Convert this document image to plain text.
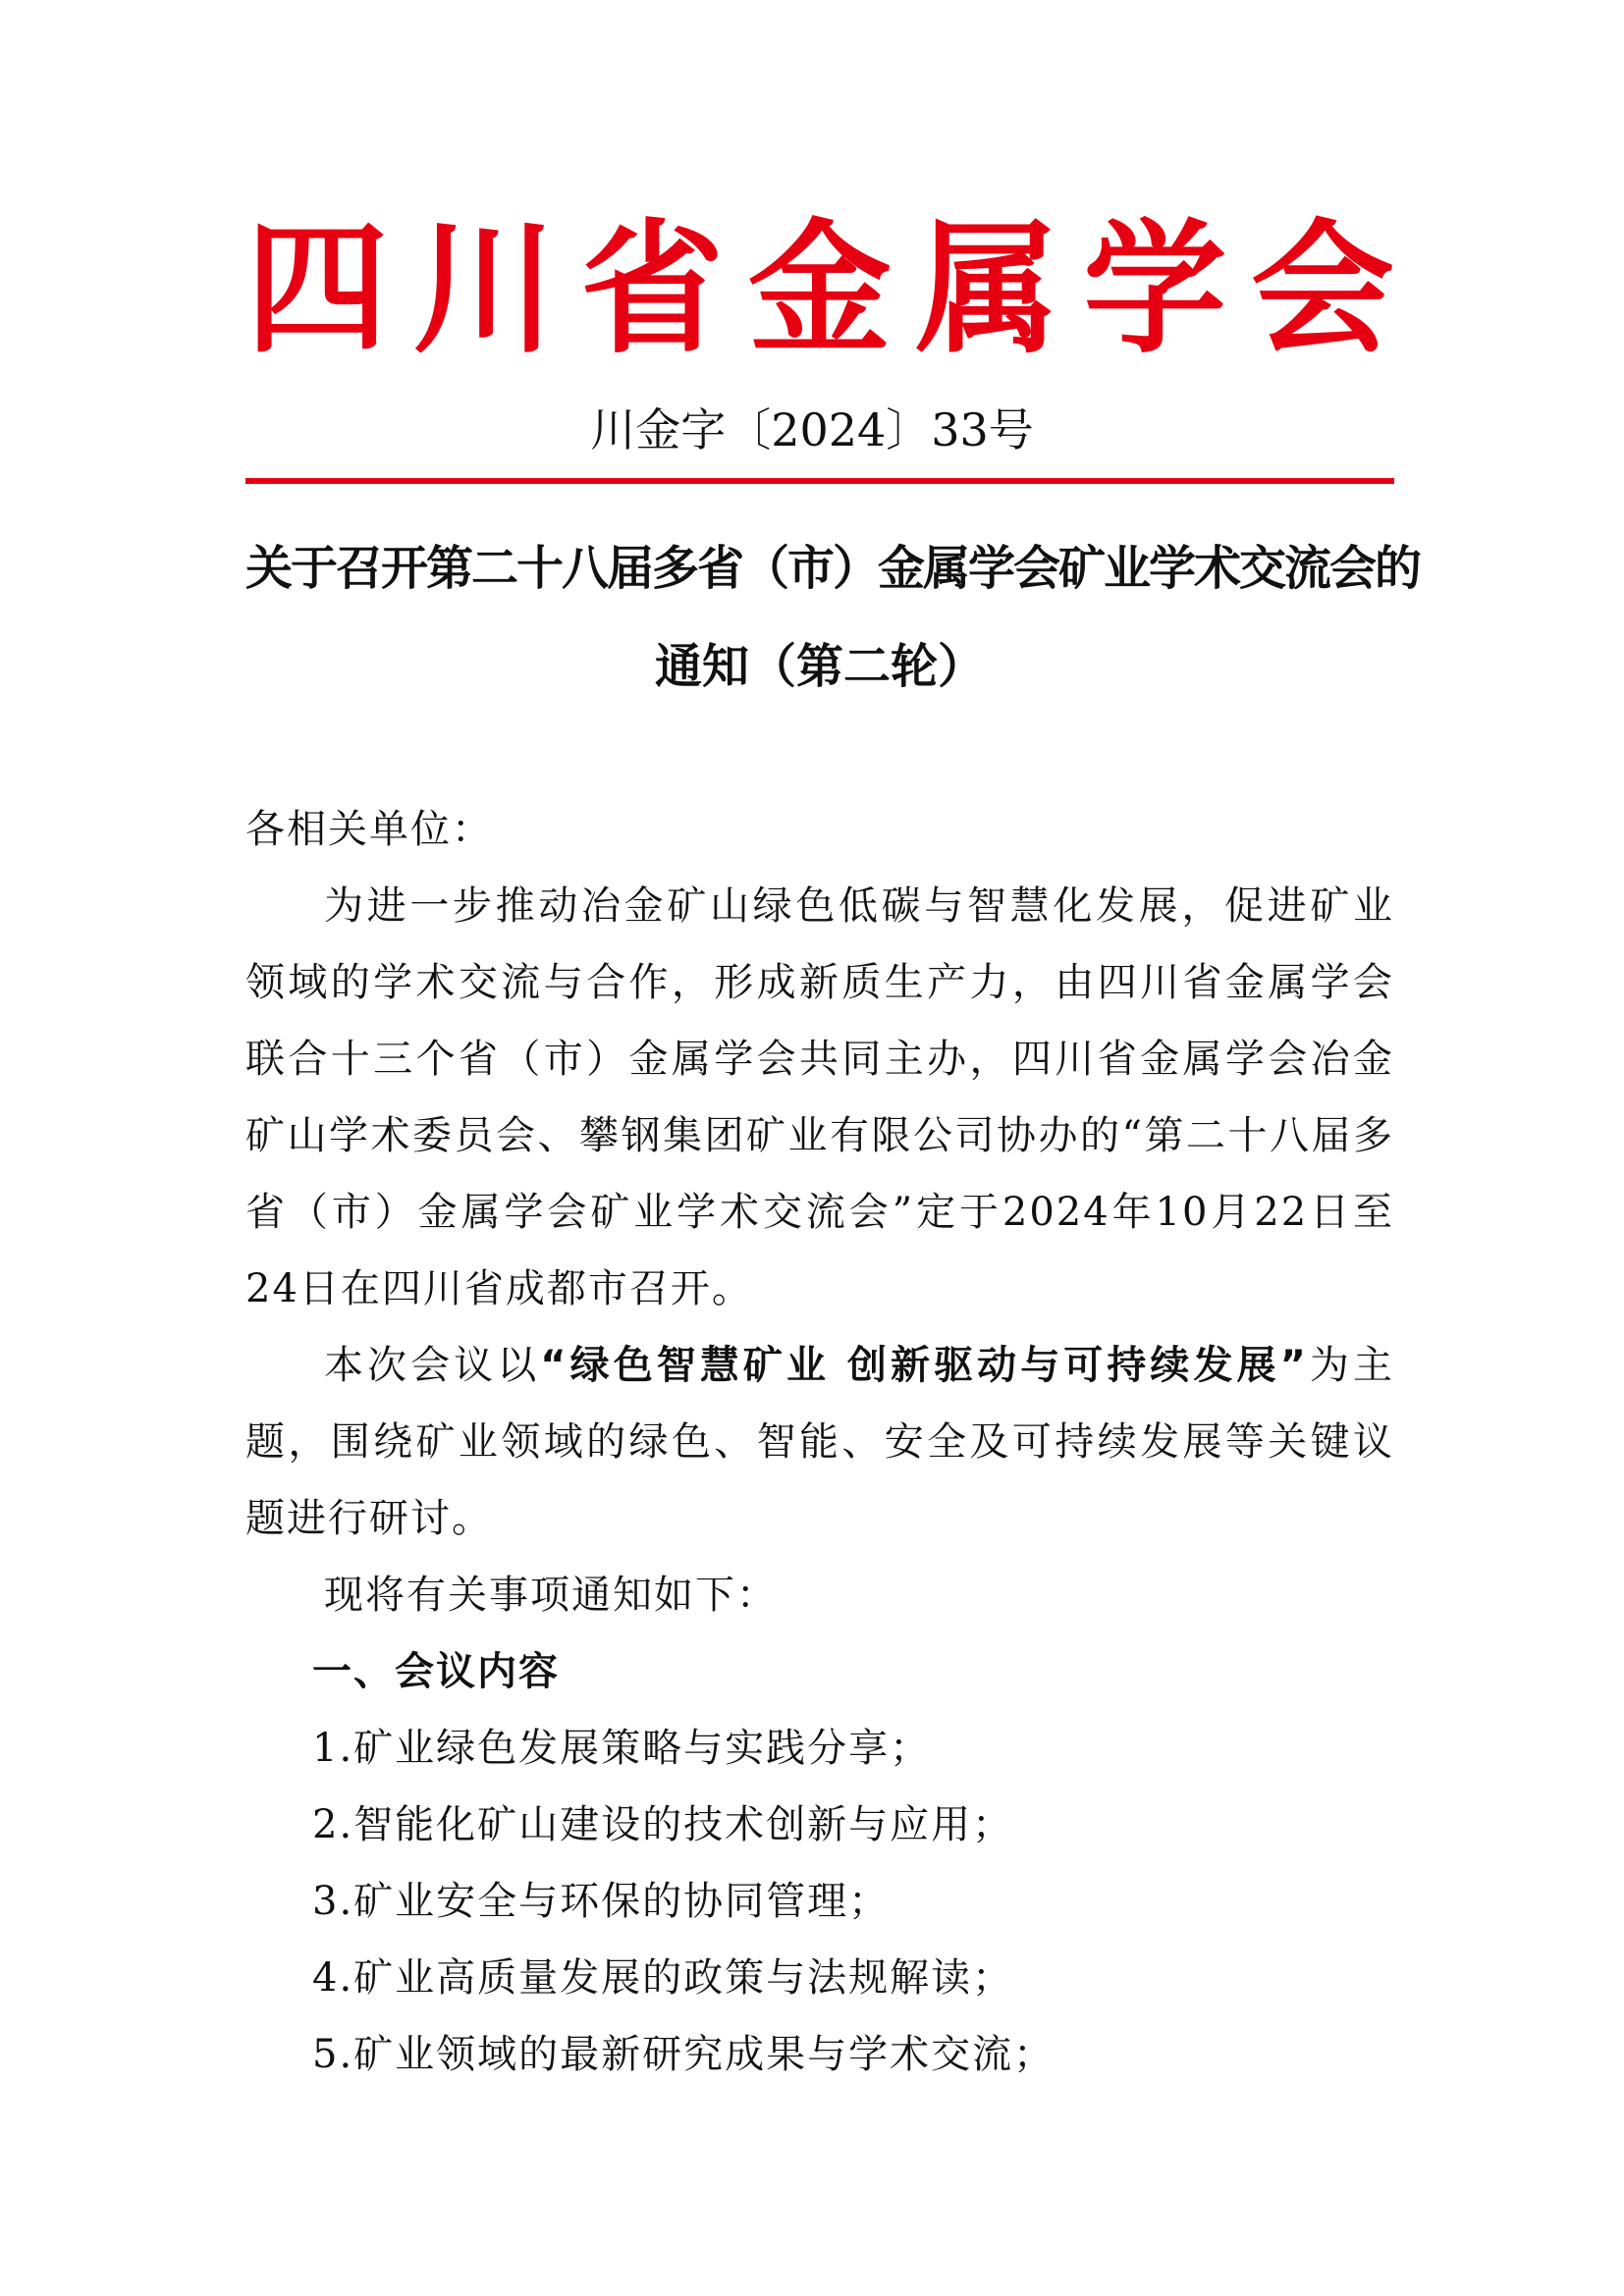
四 川 省 金 属 学 会
川金字〔2024〕33号
关于召开第二十八届多省（市）金属学会矿业学术交流会的
通知（第二轮）

各相关单位：

为进一步推动冶金矿山绿色低碳与智慧化发展，促进矿业领域的学术交流与合作，形成新质生产力，由四川省金属学会联合十三个省（市）金属学会共同主办，四川省金属学会冶金矿山学术委员会、攀钢集团矿业有限公司协办的“第二十八届多省（市）金属学会矿业学术交流会”定于2024年10月22日至24日在四川省成都市召开。

本次会议以“绿色智慧矿业 创新驱动与可持续发展”为主题，围绕矿业领域的绿色、智能、安全及可持续发展等关键议题进行研讨。

现将有关事项通知如下：

一、会议内容

1.矿业绿色发展策略与实践分享；

2.智能化矿山建设的技术创新与应用；

3.矿业安全与环保的协同管理；

4.矿业高质量发展的政策与法规解读；

5.矿业领域的最新研究成果与学术交流；
